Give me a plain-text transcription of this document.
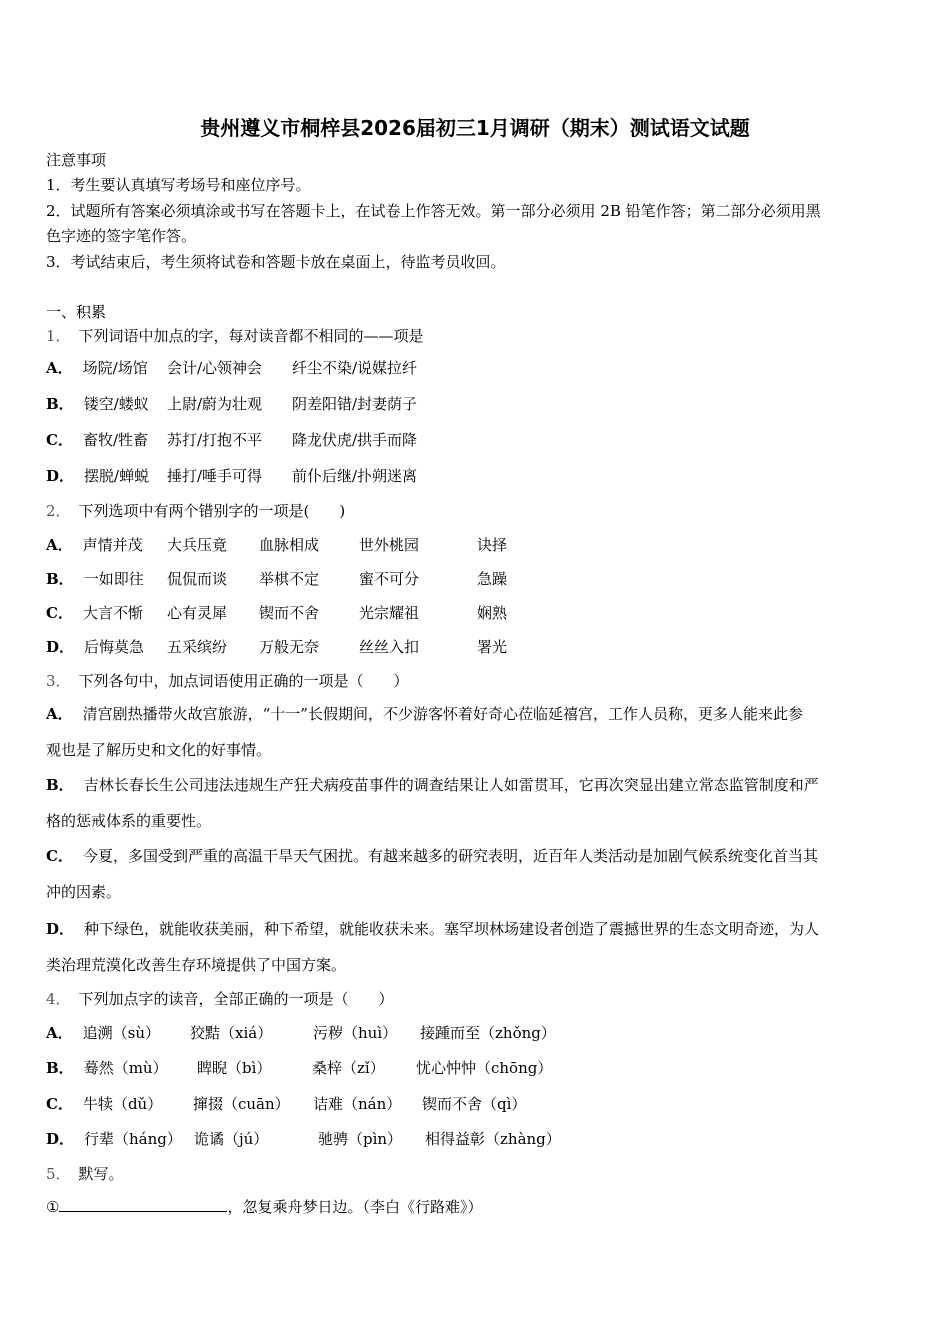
贵州遵义市桐梓县2026届初三1月调研（期末）测试语文试题
注意事项
1．考生要认真填写考场号和座位序号。
2．试题所有答案必须填涂或书写在答题卡上，在试卷上作答无效。第一部分必须用 2B 铅笔作答；第二部分必须用黑
色字迹的签字笔作答。
3．考试结束后，考生须将试卷和答题卡放在桌面上，待监考员收回。
一、积累
1． 下列词语中加点的字，每对读音都不相同的——项是
A． 场院/场馆 会计/心领神会 纤尘不染/说媒拉纤
B． 镂空/蝼蚁 上尉/蔚为壮观 阴差阳错/封妻荫子
C． 畜牧/牲畜 苏打/打抱不平 降龙伏虎/拱手而降
D． 摆脱/蝉蜕 捶打/唾手可得 前仆后继/扑朔迷离
2． 下列选项中有两个错别字的一项是(　　)
A． 声情并茂 大兵压竟 血脉相成	世外桃园	诀择
B． 一如即往 侃侃而谈 举棋不定	蜜不可分	急躁
C． 大言不惭 心有灵犀 锲而不舍	光宗耀祖	娴熟
D． 后悔莫急 五采缤纷 万般无奈	丝丝入扣	署光
3． 下列各句中，加点词语使用正确的一项是（　　）
A． 清宫剧热播带火故宫旅游，“十一”长假期间，不少游客怀着好奇心莅临延禧宫，工作人员称，更多人能来此参
观也是了解历史和文化的好事情。
B． 吉林长春长生公司违法违规生产狂犬病疫苗事件的调查结果让人如雷贯耳，它再次突显出建立常态监管制度和严
格的惩戒体系的重要性。
C． 今夏，多国受到严重的高温干旱天气困扰。有越来越多的研究表明，近百年人类活动是加剧气候系统变化首当其
冲的因素。
D． 种下绿色，就能收获美丽，种下希望，就能收获未来。塞罕坝林场建设者创造了震撼世界的生态文明奇迹，为人
类治理荒漠化改善生存环境提供了中国方案。
4． 下列加点字的读音，全部正确的一项是（　　）
A． 追溯（sù） 狡黠（xiá）	污秽（huì） 接踵而至（zhǒng）
B． 蓦然（mù） 睥睨（bì）	桑梓（zǐ） 忧心忡忡（chōng）
C． 牛犊（dǔ） 撺掇（cuān） 诘难（nán） 锲而不舍（qì）
D． 行辈（háng） 诡谲（jú）	驰骋（pìn） 相得益彰（zhàng）
5． 默写。
①	，忽复乘舟梦日边。（李白《行路难》）
